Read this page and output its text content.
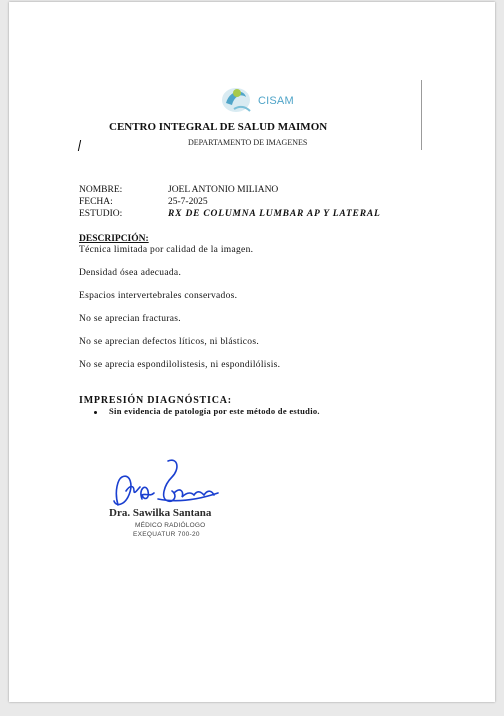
CISAM
CENTRO INTEGRAL DE SALUD MAIMON
DEPARTAMENTO DE IMAGENES
NOMBRE:	JOEL ANTONIO MILIANO
FECHA:	25-7-2025
ESTUDIO:	RX DE COLUMNA LUMBAR AP Y LATERAL
DESCRIPCIÓN:
Técnica limitada por calidad de la imagen.
Densidad ósea adecuada.
Espacios intervertebrales conservados.
No se aprecian fracturas.
No se aprecian defectos líticos, ni blásticos.
No se aprecia espondilolistesis, ni espondilólisis.
IMPRESIÓN DIAGNÓSTICA:
Sin evidencia de patología por este método de estudio.
Dra. Sawilka Santana
MÉDICO RADIÓLOGO
EXEQUATUR 700-20
